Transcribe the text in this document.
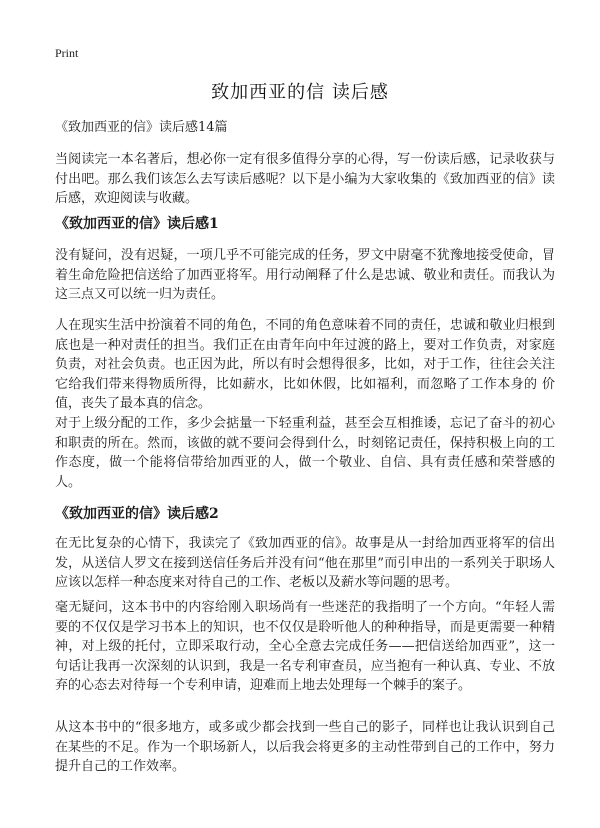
Print
致加西亚的信 读后感
《致加西亚的信》读后感14篇

当阅读完一本名著后，想必你一定有很多值得分享的心得，写一份读后感，记录收获与付出吧。那么我们该怎么去写读后感呢？以下是小编为大家收集的《致加西亚的信》读后感，欢迎阅读与收藏。

《致加西亚的信》读后感1

没有疑问，没有迟疑，一项几乎不可能完成的任务，罗文中尉毫不犹豫地接受使命，冒着生命危险把信送给了加西亚将军。用行动阐释了什么是忠诚、敬业和责任。而我认为这三点又可以统一归为责任。

人在现实生活中扮演着不同的角色，不同的角色意味着不同的责任，忠诚和敬业归根到底也是一种对责任的担当。我们正在由青年向中年过渡的路上，要对工作负责，对家庭负责，对社会负责。也正因为此，所以有时会想得很多，比如，对于工作，往往会关注它给我们带来得物质所得，比如薪水，比如休假，比如福利，而忽略了工作本身的 价值，丧失了最本真的信念。

对于上级分配的工作，多少会掂量一下轻重利益，甚至会互相推诿，忘记了奋斗的初心和职责的所在。然而，该做的就不要问会得到什么，时刻铭记责任，保持积极上向的工作态度，做一个能将信带给加西亚的人，做一个敬业、自信、具有责任感和荣誉感的人。

《致加西亚的信》读后感2

在无比复杂的心情下，我读完了《致加西亚的信》。故事是从一封给加西亚将军的信出发，从送信人罗文在接到送信任务后并没有问“他在那里”而引申出的一系列关于职场人应该以怎样一种态度来对待自己的工作、老板以及薪水等问题的思考。

毫无疑问，这本书中的内容给刚入职场尚有一些迷茫的我指明了一个方向。“年轻人需要的不仅仅是学习书本上的知识，也不仅仅是聆听他人的种种指导，而是更需要一种精神，对上级的托付，立即采取行动，全心全意去完成任务——把信送给加西亚”，这一句话让我再一次深刻的认识到，我是一名专利审查员，应当抱有一种认真、专业、不放弃的心态去对待每一个专利申请，迎难而上地去处理每一个棘手的案子。

从这本书中的“很多地方，或多或少都会找到一些自己的影子，同样也让我认识到自己在某些的不足。作为一个职场新人，以后我会将更多的主动性带到自己的工作中，努力提升自己的工作效率。
